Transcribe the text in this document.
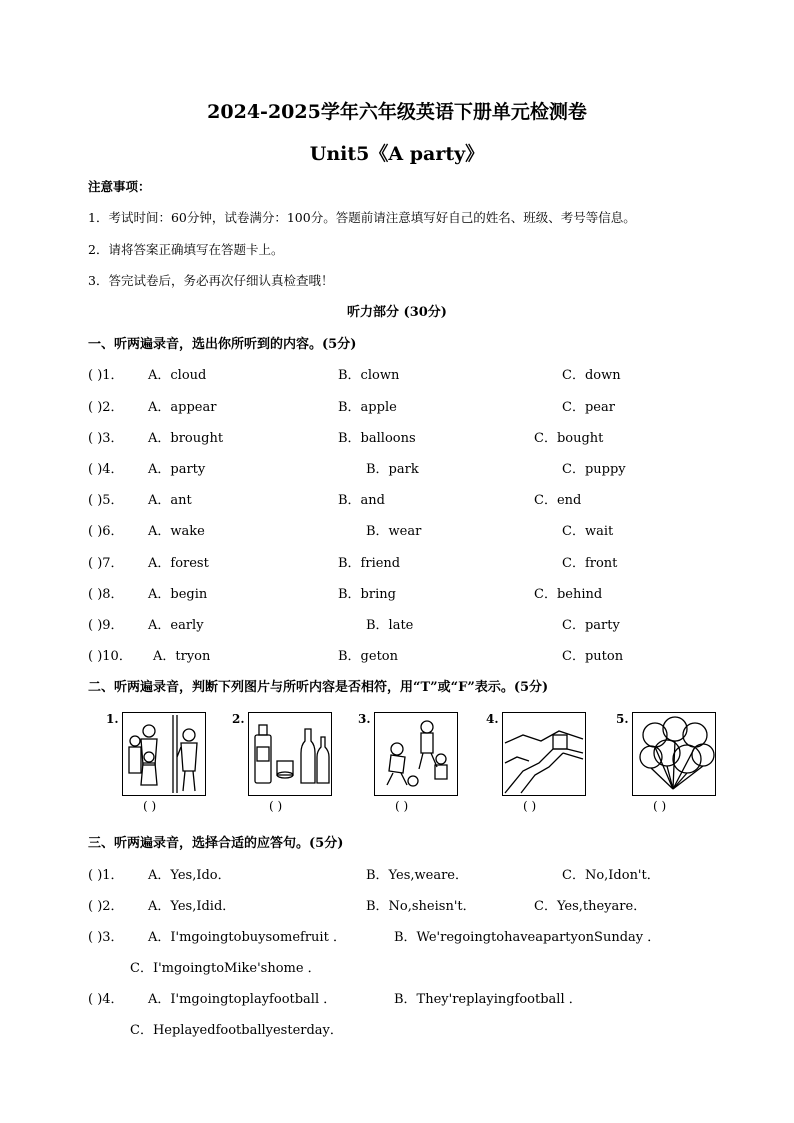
2024-2025学年六年级英语下册单元检测卷
Unit5《A party》
注意事项：
1．考试时间：60分钟，试卷满分：100分。答题前请注意填写好自己的姓名、班级、考号等信息。
2．请将答案正确填写在答题卡上。
3．答完试卷后，务必再次仔细认真检查哦！
听力部分 (30分)
一、听两遍录音，选出你所听到的内容。(5分)
( )1． A．cloud	B．clown	C．down
( )2． A．appear	B．apple	C．pear
( )3． A．brought	B．balloons	C．bought
( )4． A．party	B．park	C．puppy
( )5． A．ant	B．and	C．end
( )6． A．wake	B．wear	C．wait
( )7． A．forest	B．friend	C．front
( )8． A．begin	B．bring	C．behind
( )9． A．early	B．late	C．party
( )10． A．tryon	B．geton	C．puton
二、听两遍录音，判断下列图片与所听内容是否相符，用“T”或“F”表示。(5分)
1.
( )
2.
( )
3.
( )
4.
( )
5.
( )
三、听两遍录音，选择合适的应答句。(5分)
( )1． A．Yes,Ido．	B．Yes,weare．	C．No,Idon't．
( )2． A．Yes,Idid．	B．No,sheisn't．	C．Yes,theyare．
( )3． A．I'mgoingtobuysomefruit ．	B．We'regoingtohaveapartyonSunday ．
C．I'mgoingtoMike'shome ．
( )4． A．I'mgoingtoplayfootball ．	B．They'replayingfootball ．
C．Heplayedfootballyesterday．
